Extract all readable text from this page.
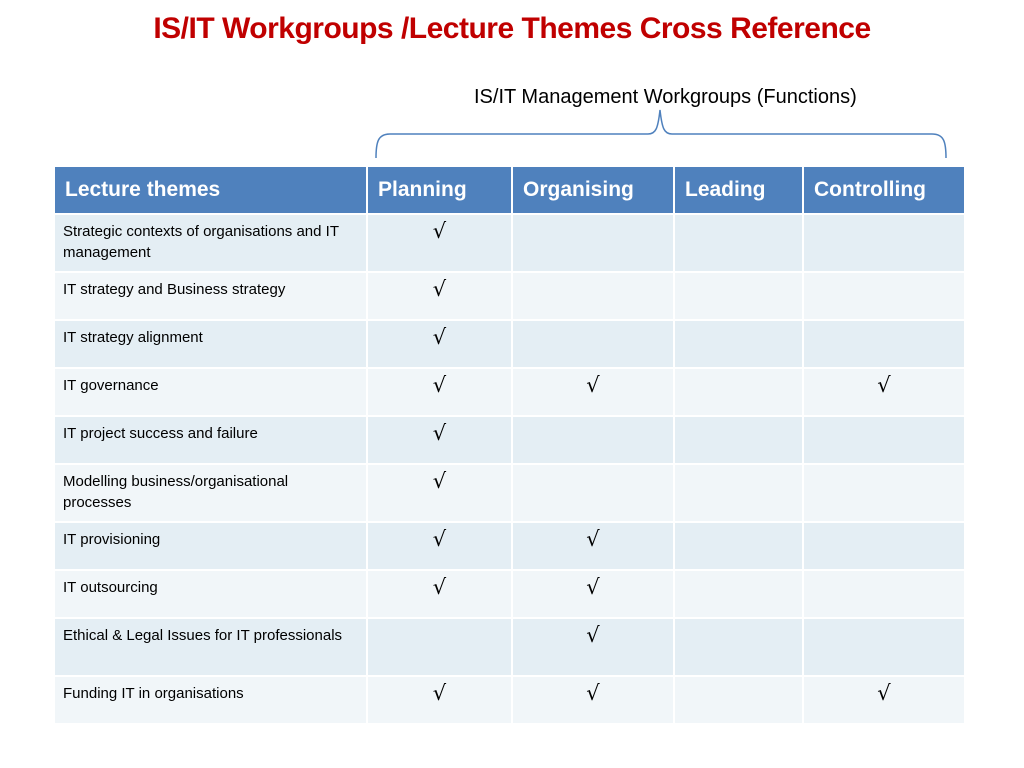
IS/IT Workgroups /Lecture Themes Cross Reference
IS/IT Management Workgroups (Functions)
Lecture themes	Planning	Organising	Leading	Controlling
Strategic contexts of organisations and IT management	√			
IT strategy and Business strategy	√			
IT strategy alignment	√			
IT governance	√	√		√
IT project success and failure	√			
Modelling business/organisational processes	√			
IT provisioning	√	√		
IT outsourcing	√	√		
Ethical & Legal Issues for IT professionals		√		
Funding IT in organisations	√	√		√
